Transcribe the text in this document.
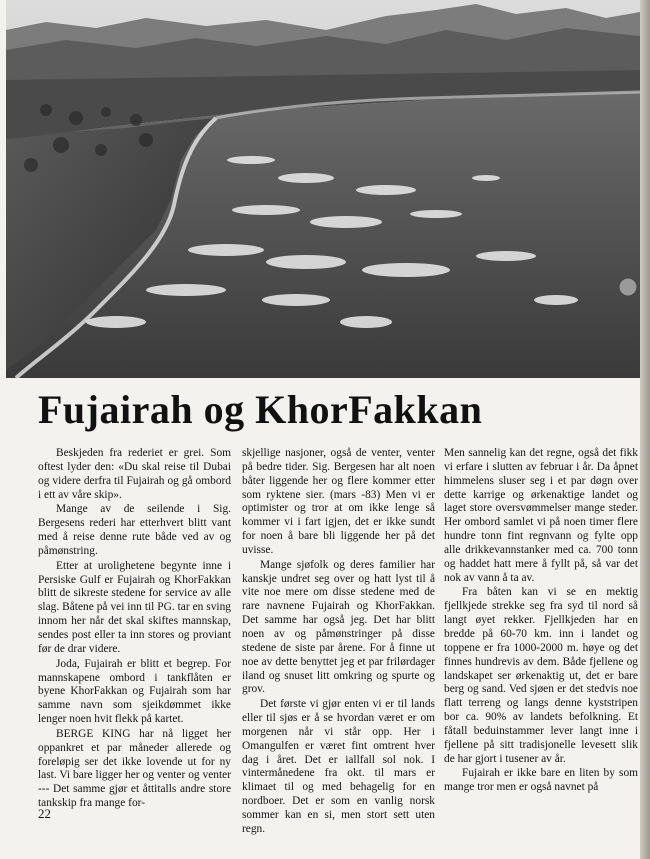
Fujairah og KhorFakkan

Beskjeden fra rederiet er grei. Som oftest lyder den: «Du skal reise til Dubai og videre derfra til Fujairah og gå ombord i ett av våre skip».

Mange av de seilende i Sig. Bergesens rederi har etterhvert blitt vant med å reise denne rute både ved av og påmønstring.

Etter at urolighetene begynte inne i Persiske Gulf er Fujairah og KhorFakkan blitt de sikreste stedene for service av alle slag. Båtene på vei inn til PG. tar en sving innom her når det skal skiftes mannskap, sendes post eller ta inn stores og proviant før de drar videre.

Joda, Fujairah er blitt et begrep. For mannskapene ombord i tankflåten er byene KhorFakkan og Fujairah som har samme navn som sjeikdømmet ikke lenger noen hvit flekk på kartet.

BERGE KING har nå ligget her oppankret et par måneder allerede og foreløpig ser det ikke lovende ut for ny last. Vi bare ligger her og venter og venter --- Det samme gjør et åttitalls andre store tankskip fra mange for-

skjellige nasjoner, også de venter, venter på bedre tider. Sig. Bergesen har alt noen båter liggende her og flere kommer etter som ryktene sier. (mars -83) Men vi er optimister og tror at om ikke lenge så kommer vi i fart igjen, det er ikke sundt for noen å bare bli liggende her på det uvisse.

Mange sjøfolk og deres familier har kanskje undret seg over og hatt lyst til å vite noe mere om disse stedene med de rare navnene Fujairah og KhorFakkan. Det samme har også jeg. Det har blitt noen av og påmønstringer på disse stedene de siste par årene. For å finne ut noe av dette benyttet jeg et par frilørdager iland og snuset litt omkring og spurte og grov.

Det første vi gjør enten vi er til lands eller til sjøs er å se hvordan været er om morgenen når vi står opp. Her i Omangulfen er været fint omtrent hver dag i året. Det er iallfall sol nok. I vintermånedene fra okt. til mars er klimaet til og med behagelig for en nordboer. Det er som en vanlig norsk sommer kan en si, men stort sett uten regn.

Men sannelig kan det regne, også det fikk vi erfare i slutten av februar i år. Da åpnet himmelens sluser seg i et par døgn over dette karrige og ørkenaktige landet og laget store oversvømmelser mange steder. Her ombord samlet vi på noen timer flere hundre tonn fint regnvann og fylte opp alle drikkevannstanker med ca. 700 tonn og haddet hatt mere å fyllt på, så var det nok av vann å ta av.

Fra båten kan vi se en mektig fjellkjede strekke seg fra syd til nord så langt øyet rekker. Fjellkjeden har en bredde på 60-70 km. inn i landet og toppene er fra 1000-2000 m. høye og det finnes hundrevis av dem. Både fjellene og landskapet ser ørkenaktig ut, det er bare berg og sand. Ved sjøen er det stedvis noe flatt terreng og langs denne kyststripen bor ca. 90% av landets befolkning. Et fåtall beduinstammer lever langt inne i fjellene på sitt tradisjonelle levesett slik de har gjort i tusener av år.

Fujairah er ikke bare en liten by som mange tror men er også navnet på

22
